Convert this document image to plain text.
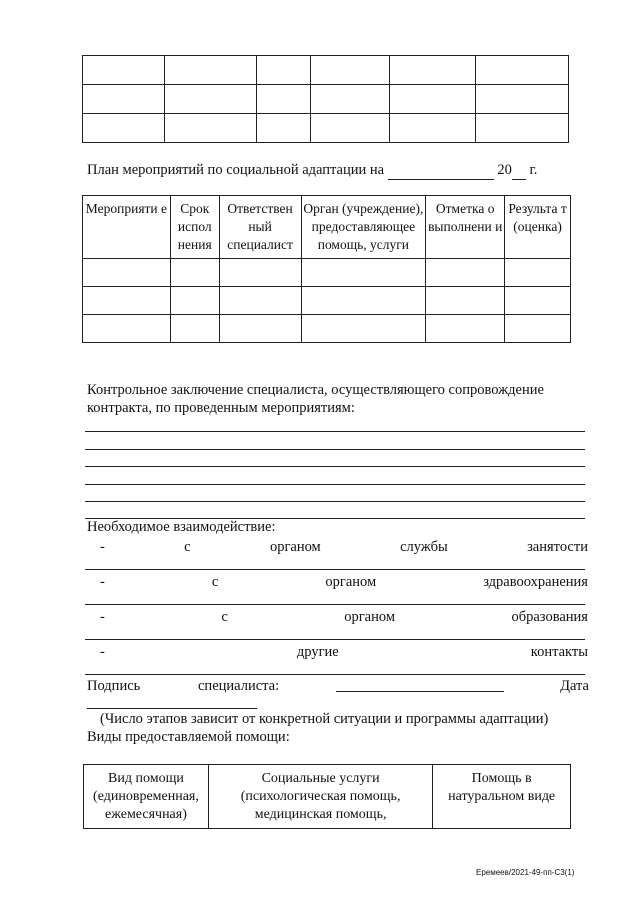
План мероприятий по социальной адаптации на	20 г.
Мероприяти е	Срок испол нения	Ответствен ный специалист	Орган (учреждение), предоставляющее помощь, услуги	Отметка о выполнени и	Результа т (оценка)

Контрольное заключение специалиста, осуществляющего сопровождение контракта, по проведенным мероприятиям:
Необходимое взаимодействие:
-	с	органом	службы	занятости
-	с	органом	здравоохранения
-	с	органом	образования
-	другие	контакты
Подпись	специалиста:	Дата
(Число этапов зависит от конкретной ситуации и программы адаптации)
Виды предоставляемой помощи:
Вид помощи (единовременная, ежемесячная)	Социальные услуги (психологическая помощь, медицинская помощь,	Помощь в натуральном виде
Еремеев/2021-49-пп-С3(1)
